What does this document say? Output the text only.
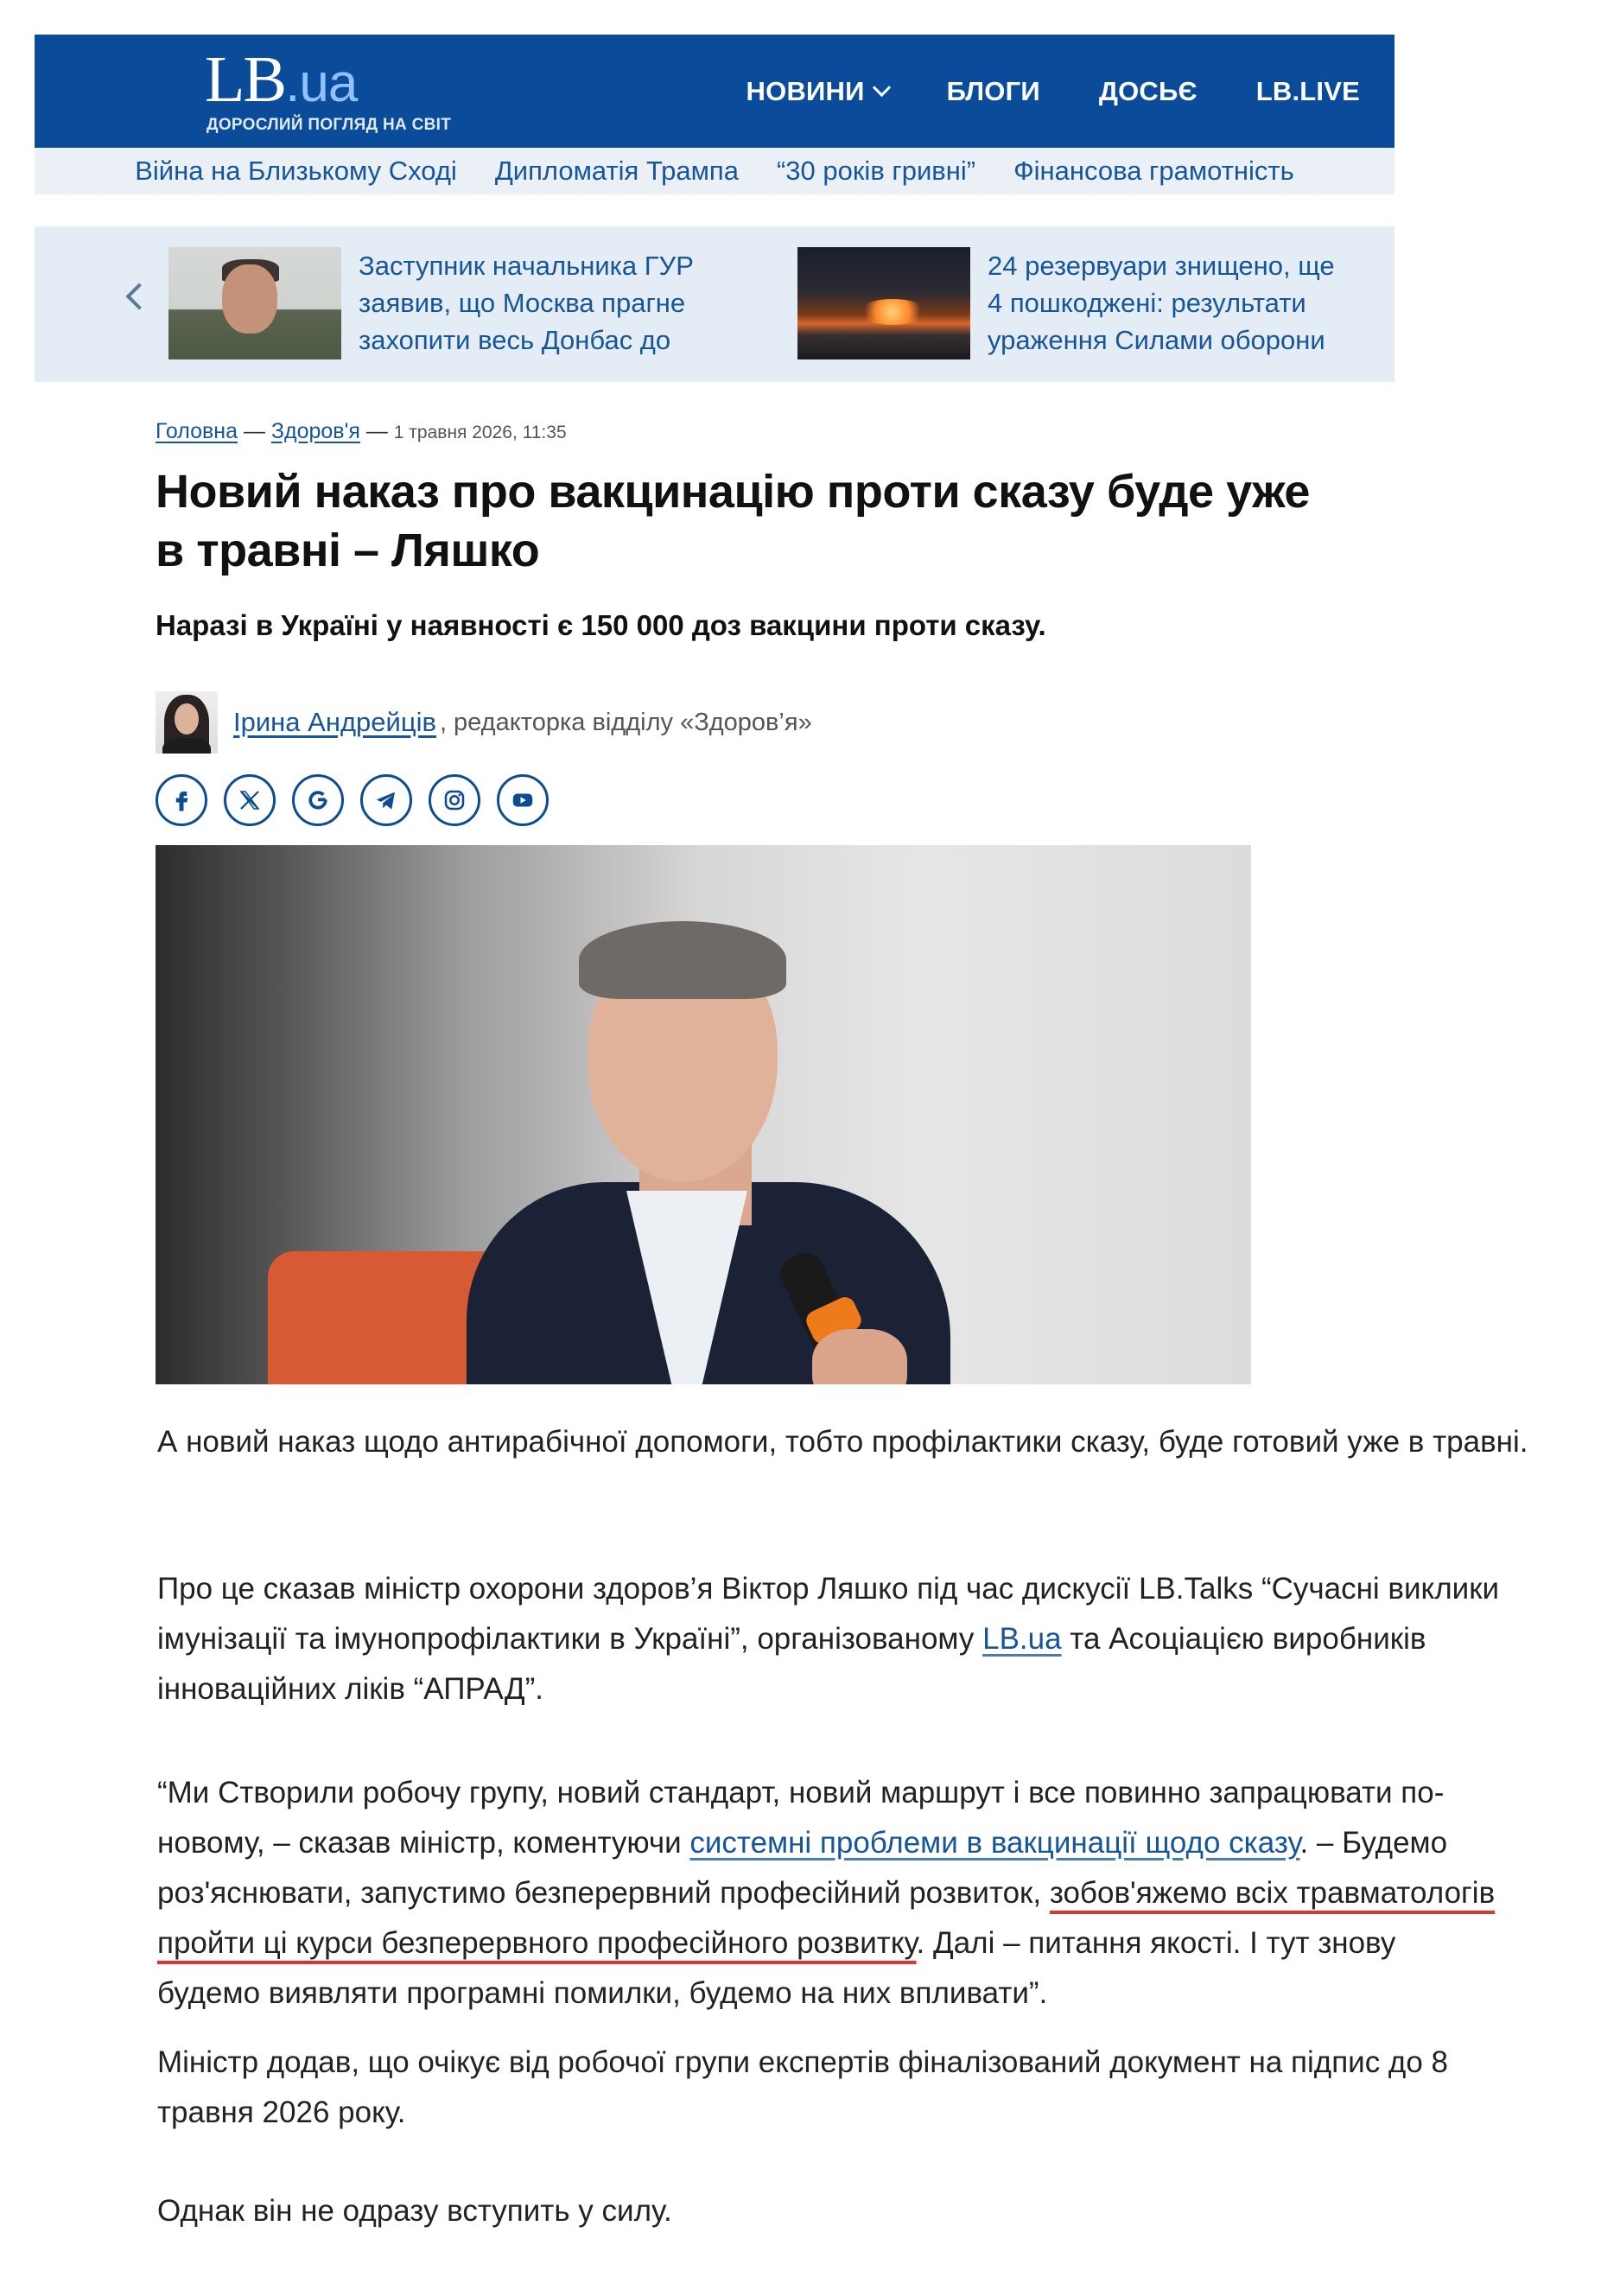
LB.ua
ДОРОСЛИЙ ПОГЛЯД НА СВІТ
НОВИНИ	БЛОГИ	ДОСЬЄ	LB.LIVE
Війна на Близькому Сході Дипломатія Трампа “30 років гривні” Фінансова грамотність
Заступник начальника ГУР заявив, що Москва прагне захопити весь Донбас до
24 резервуари знищено, ще 4 пошкоджені: результати ураження Силами оборони
Головна — Здоров'я — 1 травня 2026, 11:35
Новий наказ про вакцинацію проти сказу буде уже в травні – Ляшко
Наразі в Україні у наявності є 150 000 доз вакцини проти сказу.
Ірина Андрейців , редакторка відділу «Здоров’я»

А новий наказ щодо антирабічної допомоги, тобто профілактики сказу, буде готовий уже в травні.

Про це сказав міністр охорони здоров’я Віктор Ляшко під час дискусії LB.Talks “Сучасні виклики імунізації та імунопрофілактики в Україні”, організованому LB.ua та Асоціацією виробників інноваційних ліків “АПРАД”.

“Ми Створили робочу групу, новий стандарт, новий маршрут і все повинно запрацювати по-новому, – сказав міністр, коментуючи системні проблеми в вакцинації щодо сказу. – Будемо роз'яснювати, запустимо безперервний професійний розвиток, зобов'яжемо всіх травматологів пройти ці курси безперервного професійного розвитку. Далі – питання якості. І тут знову будемо виявляти програмні помилки, будемо на них впливати”.

Міністр додав, що очікує від робочої групи експертів фіналізований документ на підпис до 8 травня 2026 року.

Однак він не одразу вступить у силу.
